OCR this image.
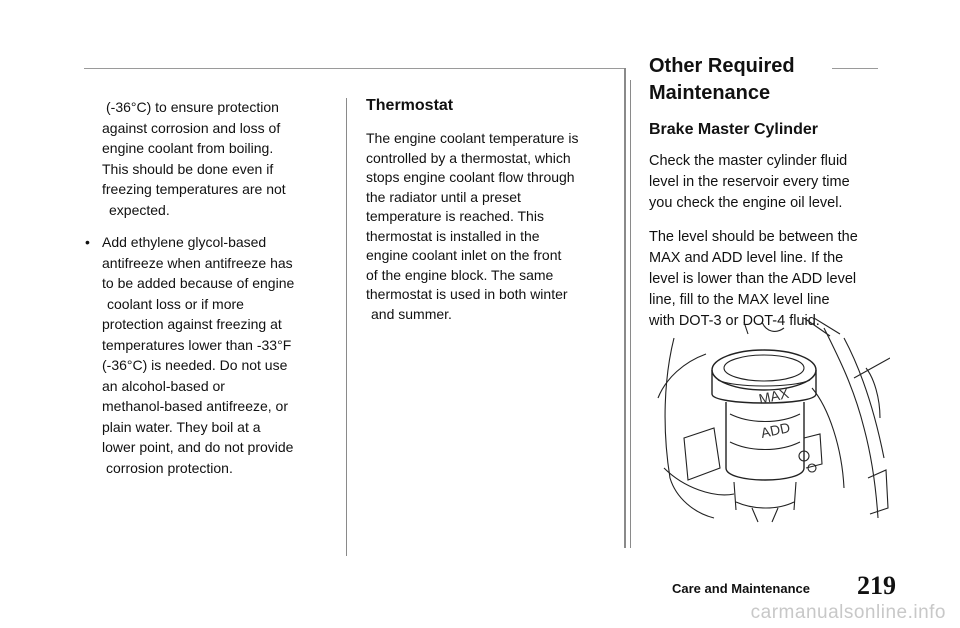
(-36°C) to ensure protection
against corrosion and loss of
engine coolant from boiling.
This should be done even if
freezing temperatures are not
expected.

• Add ethylene glycol-based
antifreeze when antifreeze has
to be added because of engine
coolant loss or if more
protection against freezing at
temperatures lower than -33°F
(-36°C) is needed. Do not use
an alcohol-based or
methanol-based antifreeze, or
plain water. They boil at a
lower point, and do not provide
corrosion protection.

Thermostat

The engine coolant temperature is
controlled by a thermostat, which
stops engine coolant flow through
the radiator until a preset
temperature is reached. This
thermostat is installed in the
engine coolant inlet on the front
of the engine block. The same
thermostat is used in both winter
and summer.

Other Required
Maintenance
Brake Master Cylinder

Check the master cylinder fluid
level in the reservoir every time
you check the engine oil level.

The level should be between the
MAX and ADD level line. If the
level is lower than the ADD level
line, fill to the MAX level line
with DOT-3 or DOT-4 fluid.

MAX
ADD
Care and Maintenance 219
carmanualsonline.info
